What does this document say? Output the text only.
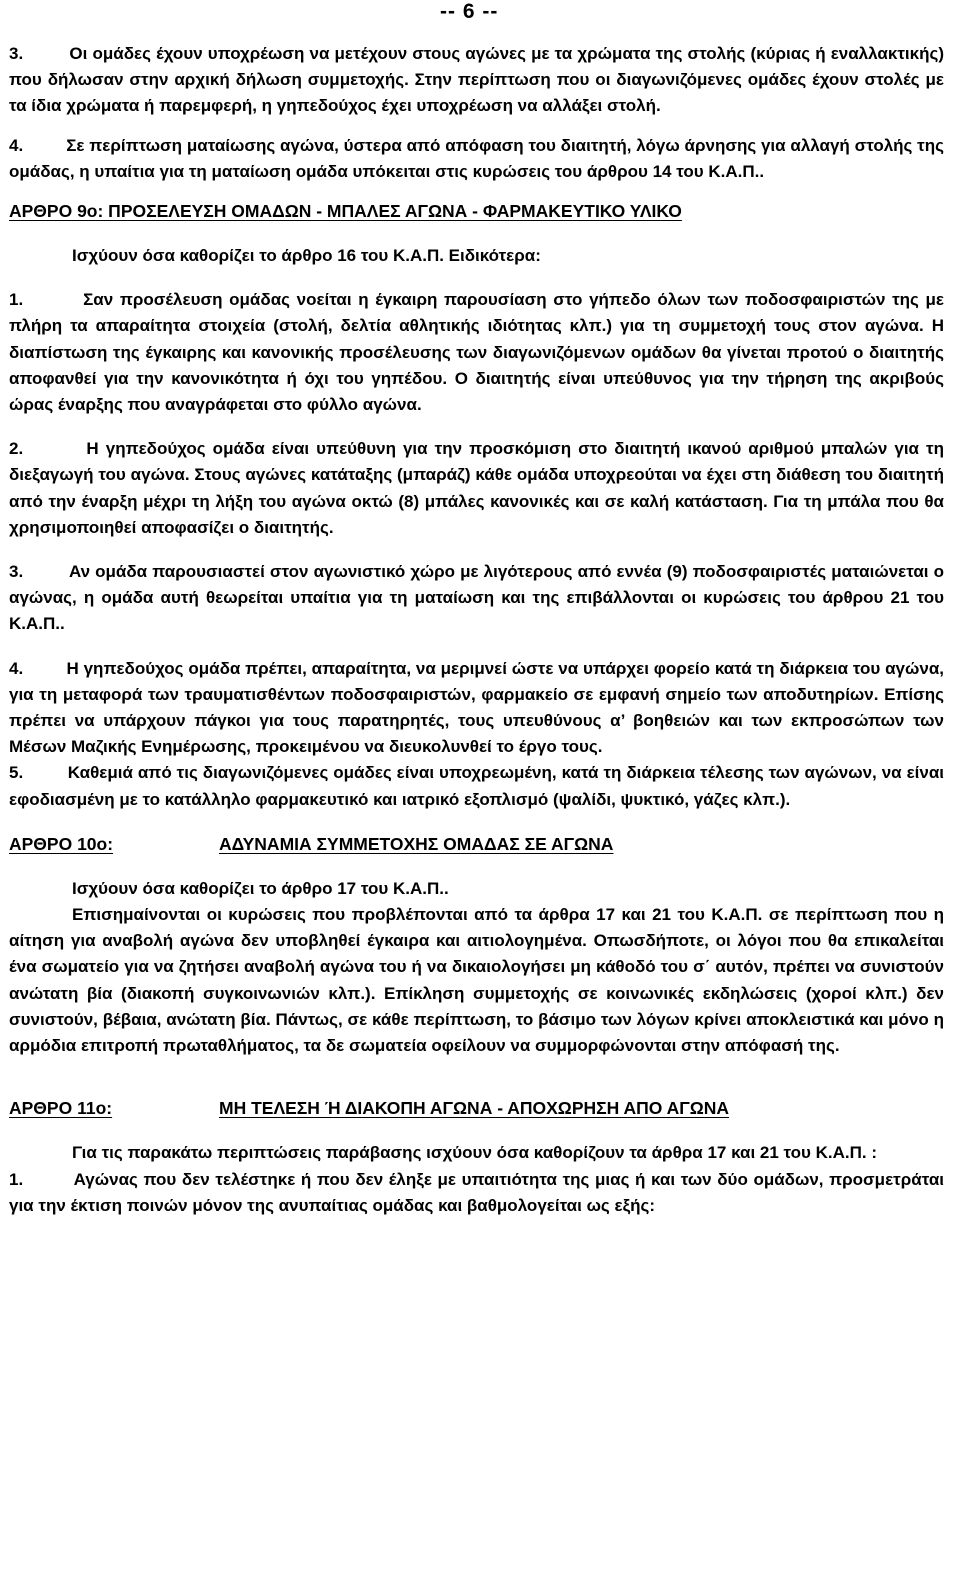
-- 6 --

3.         Οι ομάδες έχουν υποχρέωση να μετέχουν στους αγώνες με τα χρώματα της στολής (κύριας ή εναλλακτικής) που δήλωσαν στην αρχική δήλωση συμμετοχής. Στην περίπτωση που οι διαγωνιζόμενες ομάδες έχουν στολές με τα ίδια χρώματα ή παρεμφερή, η γηπεδούχος έχει υποχρέωση να αλλάξει στολή.

4.         Σε περίπτωση ματαίωσης αγώνα, ύστερα από απόφαση του διαιτητή, λόγω άρνησης για αλλαγή στολής της ομάδας, η υπαίτια για τη ματαίωση ομάδα υπόκειται στις κυρώσεις του άρθρου 14 του Κ.Α.Π..

ΑΡΘΡΟ 9ο: ΠΡΟΣΕΛΕΥΣΗ ΟΜΑΔΩΝ - ΜΠΑΛΕΣ ΑΓΩΝΑ - ΦΑΡΜΑΚΕΥΤΙΚΟ ΥΛΙΚΟ

Ισχύουν όσα καθορίζει το άρθρο 16 του Κ.Α.Π. Ειδικότερα:

1.         Σαν προσέλευση ομάδας νοείται η έγκαιρη παρουσίαση στο γήπεδο όλων των ποδοσφαιριστών της με πλήρη τα απαραίτητα στοιχεία (στολή, δελτία αθλητικής ιδιότητας κλπ.) για τη συμμετοχή τους στον αγώνα. Η διαπίστωση της έγκαιρης και κανονικής προσέλευσης των διαγωνιζόμενων ομάδων θα γίνεται προτού ο διαιτητής αποφανθεί για την κανονικότητα ή όχι του γηπέδου. Ο διαιτητής είναι υπεύθυνος για την τήρηση της ακριβούς ώρας έναρξης που αναγράφεται στο φύλλο αγώνα.

2.         Η γηπεδούχος ομάδα είναι υπεύθυνη για την προσκόμιση στο διαιτητή ικανού αριθμού μπαλών για τη διεξαγωγή του αγώνα. Στους αγώνες κατάταξης (μπαράζ) κάθε ομάδα υποχρεούται να έχει στη διάθεση του διαιτητή από την έναρξη μέχρι τη λήξη του αγώνα οκτώ (8) μπάλες κανονικές και σε καλή κατάσταση. Για τη μπάλα που θα χρησιμοποιηθεί αποφασίζει ο διαιτητής.

3.         Αν ομάδα παρουσιαστεί στον αγωνιστικό χώρο με λιγότερους από εννέα (9) ποδοσφαιριστές ματαιώνεται ο αγώνας, η ομάδα αυτή θεωρείται υπαίτια για τη ματαίωση και της επιβάλλονται οι κυρώσεις του άρθρου 21 του Κ.Α.Π..

4.         Η γηπεδούχος ομάδα πρέπει, απαραίτητα, να μεριμνεί ώστε να υπάρχει φορείο κατά τη διάρκεια του αγώνα, για τη μεταφορά των τραυματισθέντων ποδοσφαιριστών, φαρμακείο σε εμφανή σημείο των αποδυτηρίων. Επίσης πρέπει να υπάρχουν πάγκοι για τους παρατηρητές, τους υπευθύνους α’ βοηθειών και των εκπροσώπων των Μέσων Μαζικής Ενημέρωσης, προκειμένου να διευκολυνθεί το έργο τους.

5.         Καθεμιά από τις διαγωνιζόμενες ομάδες είναι υποχρεωμένη, κατά τη διάρκεια τέλεσης των αγώνων, να είναι εφοδιασμένη με το κατάλληλο φαρμακευτικό και ιατρικό εξοπλισμό (ψαλίδι, ψυκτικό, γάζες κλπ.).

ΑΡΘΡΟ 10ο:	ΑΔΥΝΑΜΙΑ ΣΥΜΜΕΤΟΧΗΣ ΟΜΑΔΑΣ ΣΕ ΑΓΩΝΑ

Ισχύουν όσα καθορίζει το άρθρο 17 του Κ.Α.Π..

Επισημαίνονται οι κυρώσεις που προβλέπονται από τα άρθρα 17 και 21 του Κ.Α.Π. σε περίπτωση που η αίτηση για αναβολή αγώνα δεν υποβληθεί έγκαιρα και αιτιολογημένα. Οπωσδήποτε, οι λόγοι που θα επικαλείται ένα σωματείο για να ζητήσει αναβολή αγώνα του ή να δικαιολογήσει μη κάθοδό του σ΄ αυτόν, πρέπει να συνιστούν ανώτατη βία (διακοπή συγκοινωνιών κλπ.). Επίκληση συμμετοχής σε κοινωνικές εκδηλώσεις (χοροί κλπ.) δεν συνιστούν, βέβαια, ανώτατη βία. Πάντως, σε κάθε περίπτωση, το βάσιμο των λόγων κρίνει αποκλειστικά και μόνο η αρμόδια επιτροπή πρωταθλήματος, τα δε σωματεία οφείλουν να συμμορφώνονται στην απόφασή της.

ΑΡΘΡΟ 11ο:	ΜΗ ΤΕΛΕΣΗ Ή ΔΙΑΚΟΠΗ ΑΓΩΝΑ - ΑΠΟΧΩΡΗΣΗ ΑΠΟ ΑΓΩΝΑ

Για τις παρακάτω περιπτώσεις παράβασης ισχύουν όσα καθορίζουν τα άρθρα 17 και 21 του Κ.Α.Π. :

1.         Αγώνας που δεν τελέστηκε ή που δεν έληξε με υπαιτιότητα της μιας ή και των δύο ομάδων, προσμετράται για την έκτιση ποινών μόνον της ανυπαίτιας ομάδας και βαθμολογείται ως εξής:
